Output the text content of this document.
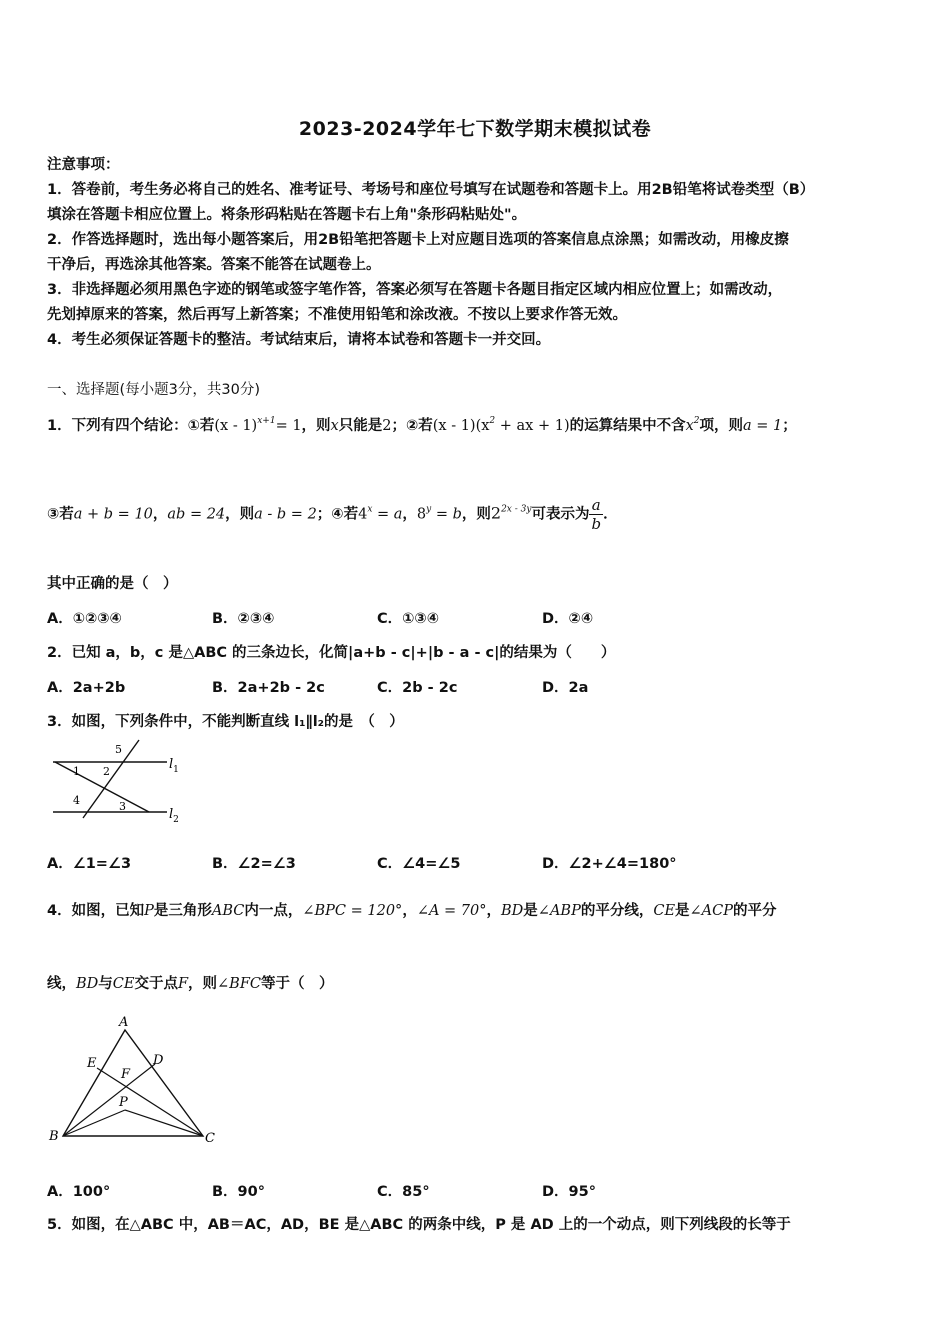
2023-2024学年七下数学期末模拟试卷
注意事项：
1．答卷前，考生务必将自己的姓名、准考证号、考场号和座位号填写在试题卷和答题卡上。用2B铅笔将试卷类型（B）
填涂在答题卡相应位置上。将条形码粘贴在答题卡右上角"条形码粘贴处"。
2．作答选择题时，选出每小题答案后，用2B铅笔把答题卡上对应题目选项的答案信息点涂黑；如需改动，用橡皮擦
干净后，再选涂其他答案。答案不能答在试题卷上。
3．非选择题必须用黑色字迹的钢笔或签字笔作答，答案必须写在答题卡各题目指定区域内相应位置上；如需改动，
先划掉原来的答案，然后再写上新答案；不准使用铅笔和涂改液。不按以上要求作答无效。
4．考生必须保证答题卡的整洁。考试结束后，请将本试卷和答题卡一并交回。
一、选择题(每小题3分，共30分)
1．下列有四个结论：①若(x - 1)$^{x+1}$= 1，则x只能是2；②若$(x - 1)(x^2$ + ax + 1)的运算结果中不含$x^2$项，则a = 1；
③若a + b = 10，ab = 24，则a - b = 2；④若$4^x = a$，$8^y = b$，则$2^{2x - 3y}$可表示为 $\frac{a}{b}$ ．
其中正确的是（　）
A．①②③④	B．②③④	C．①③④	D．②④
2．已知 a，b，c 是△ABC 的三条边长，化简|a+b - c|+|b - a - c|的结果为（　　）
A．2a+2b	B．2a+2b - 2c	C．2b - 2c	D．2a
3．如图，下列条件中，不能判断直线 l₁∥l₂的是　（　）
$l_1$
$l_2$
1 2
3
4
5
A．∠1=∠3	B．∠2=∠3	C．∠4=∠5	D．∠2+∠4=180°
4．如图，已知P是三角形ABC内一点，∠BPC = 120°，∠A = 70°，BD是∠ABP的平分线，CE是∠ACP的平分
线，BD与CE交于点F，则∠BFC等于（　）
A
B	C
D
E
F
P
A．100°	B．90°	C．85°	D．95°
5．如图，在△ABC 中，AB＝AC，AD，BE 是△ABC 的两条中线，P 是 AD 上的一个动点，则下列线段的长等于
